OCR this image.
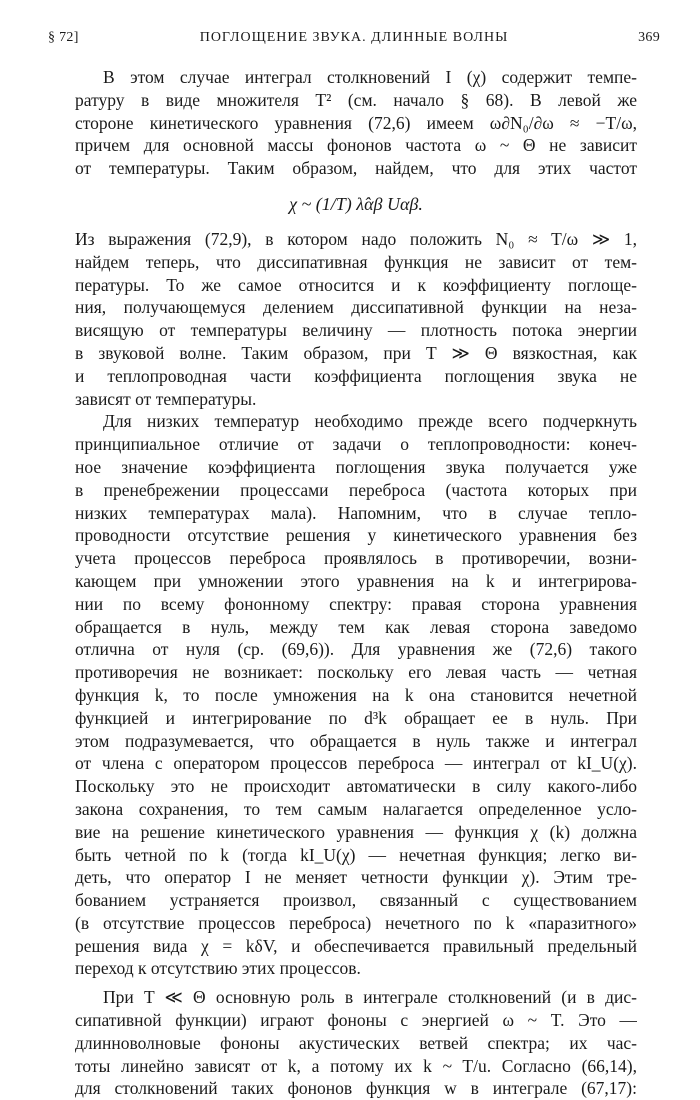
§ 72]	ПОГЛОЩЕНИЕ ЗВУКА. ДЛИННЫЕ ВОЛНЫ	369
В этом случае интеграл столкновений I (χ) содержит темпе-
ратуру в виде множителя T² (см. начало § 68). В левой же
стороне кинетического уравнения (72,6) имеем ω∂N₀/∂ω ≈ −T/ω,
причем для основной массы фононов частота ω ~ Θ не зависит
от температуры. Таким образом, найдем, что для этих частот
χ ~ (1/T) λ̂αβ Uαβ.
Из выражения (72,9), в котором надо положить N₀ ≈ T/ω ≫ 1,
найдем теперь, что диссипативная функция не зависит от тем-
пературы. То же самое относится и к коэффициенту поглоще-
ния, получающемуся делением диссипативной функции на неза-
висящую от температуры величину — плотность потока энергии
в звуковой волне. Таким образом, при T ≫ Θ вязкостная, как
и теплопроводная части коэффициента поглощения звука не
зависят от температуры.
Для низких температур необходимо прежде всего подчеркнуть
принципиальное отличие от задачи о теплопроводности: конеч-
ное значение коэффициента поглощения звука получается уже
в пренебрежении процессами переброса (частота которых при
низких температурах мала). Напомним, что в случае тепло-
проводности отсутствие решения у кинетического уравнения без
учета процессов переброса проявлялось в противоречии, возни-
кающем при умножении этого уравнения на k и интегрирова-
нии по всему фононному спектру: правая сторона уравнения
обращается в нуль, между тем как левая сторона заведомо
отлична от нуля (ср. (69,6)). Для уравнения же (72,6) такого
противоречия не возникает: поскольку его левая часть — четная
функция k, то после умножения на k она становится нечетной
функцией и интегрирование по d³k обращает ее в нуль. При
этом подразумевается, что обращается в нуль также и интеграл
от члена с оператором процессов переброса — интеграл от kI_U(χ).
Поскольку это не происходит автоматически в силу какого-либо
закона сохранения, то тем самым налагается определенное усло-
вие на решение кинетического уравнения — функция χ (k) должна
быть четной по k (тогда kI_U(χ) — нечетная функция; легко ви-
деть, что оператор I не меняет четности функции χ). Этим тре-
бованием устраняется произвол, связанный с существованием
(в отсутствие процессов переброса) нечетного по k «паразитного»
решения вида χ = kδV, и обеспечивается правильный предельный
переход к отсутствию этих процессов.
При T ≪ Θ основную роль в интеграле столкновений (и в дис-
сипативной функции) играют фононы с энергией ω ~ T. Это —
длинноволновые фононы акустических ветвей спектра; их час-
тоты линейно зависят от k, а потому их k ~ T/u. Согласно (66,14),
для столкновений таких фононов функция w в интеграле (67,17):
